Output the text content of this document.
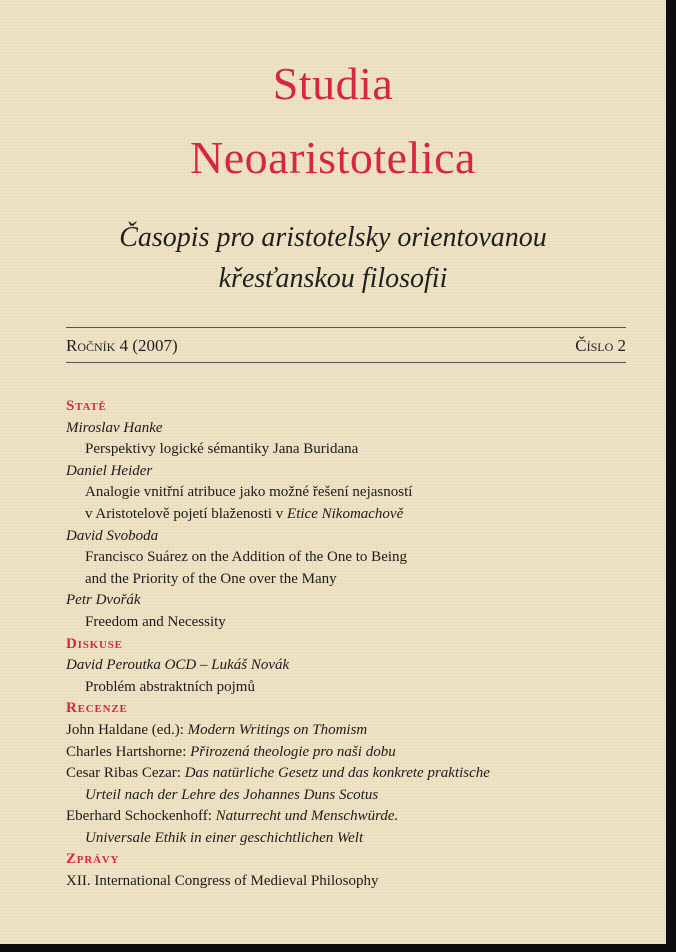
Studia
Neoaristotelica
Časopis pro aristotelsky orientovanou
křesťanskou filosofii
Ročník 4 (2007)	Číslo 2
Statě
Miroslav Hanke
Perspektivy logické sémantiky Jana Buridana
Daniel Heider
Analogie vnitřní atribuce jako možné řešení nejasností
v Aristotelově pojetí blaženosti v Etice Nikomachově
David Svoboda
Francisco Suárez on the Addition of the One to Being
and the Priority of the One over the Many
Petr Dvořák
Freedom and Necessity
Diskuse
David Peroutka OCD – Lukáš Novák
Problém abstraktních pojmů
Recenze
John Haldane (ed.): Modern Writings on Thomism
Charles Hartshorne: Přirozená theologie pro naši dobu
Cesar Ribas Cezar: Das natürliche Gesetz und das konkrete praktische
Urteil nach der Lehre des Johannes Duns Scotus
Eberhard Schockenhoff: Naturrecht und Menschwürde.
Universale Ethik in einer geschichtlichen Welt
Zprávy
XII. International Congress of Medieval Philosophy
